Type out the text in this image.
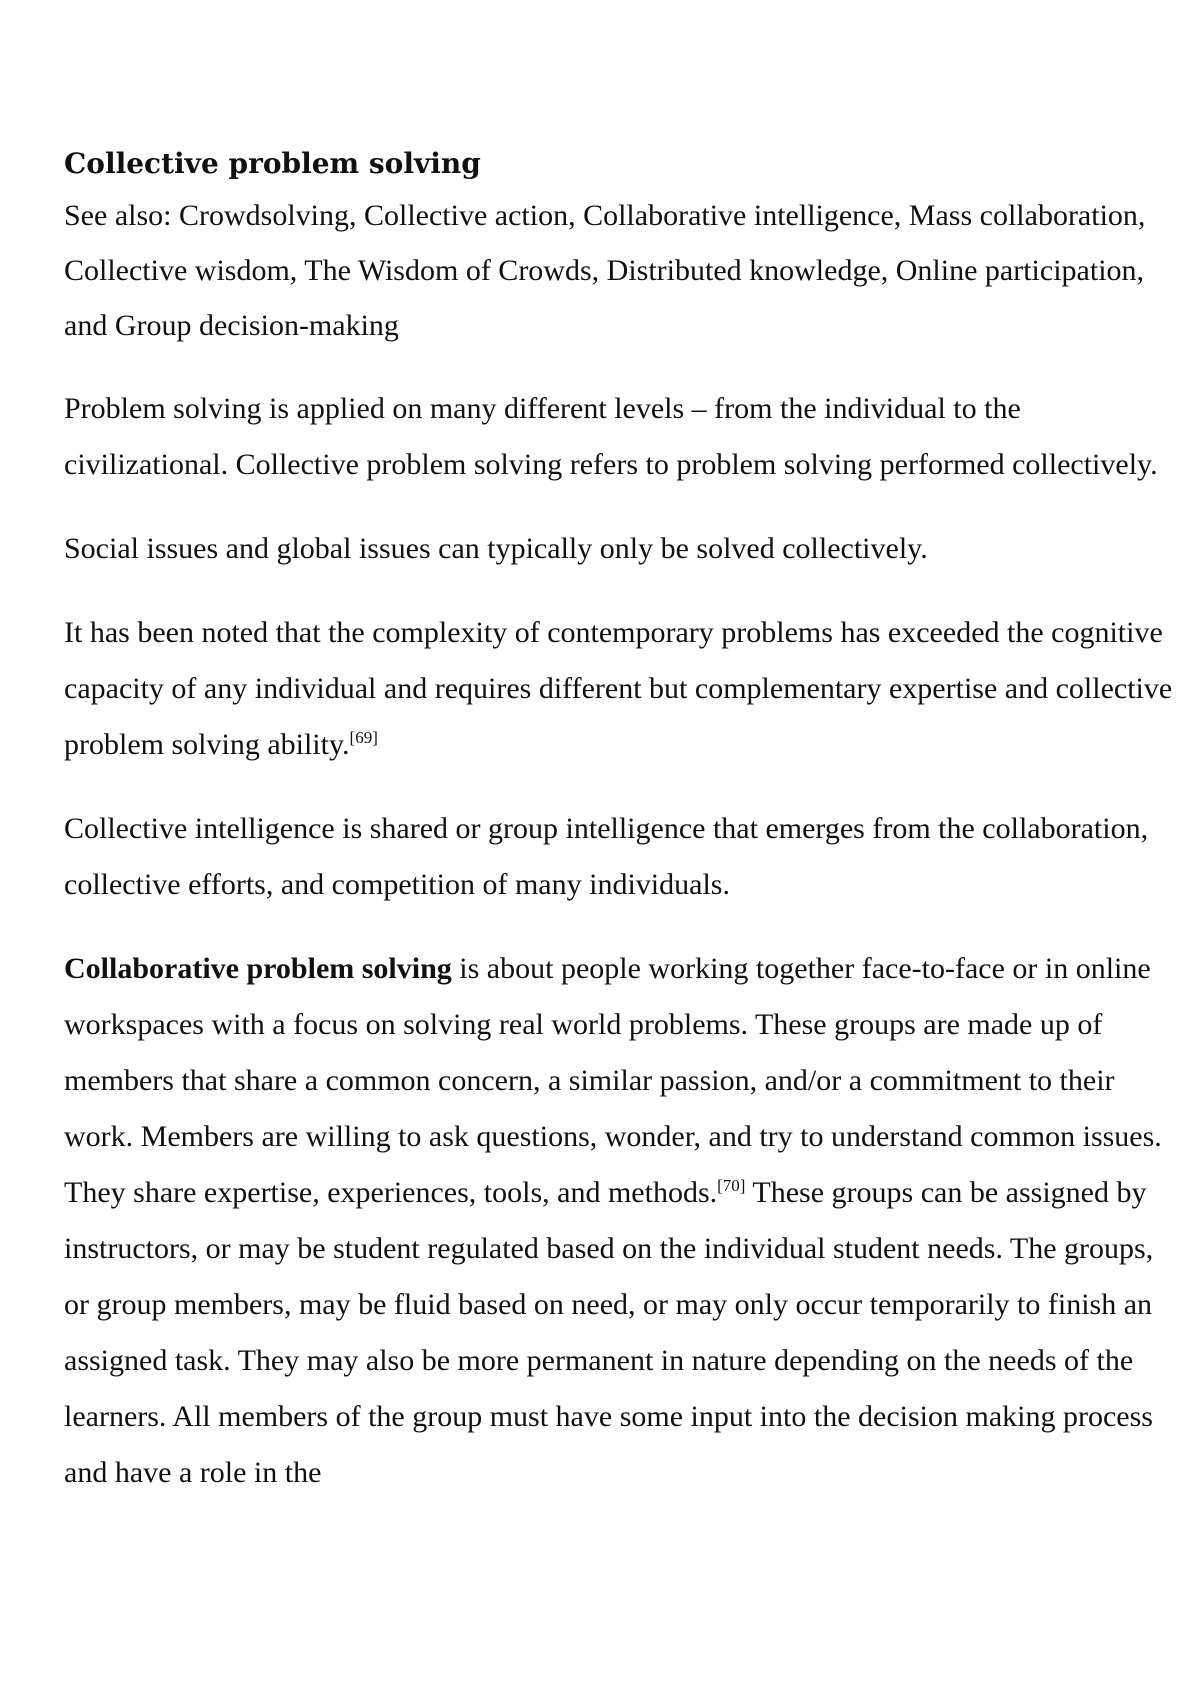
Collective problem solving

See also: Crowdsolving, Collective action, Collaborative intelligence, Mass collaboration, Collective wisdom, The Wisdom of Crowds, Distributed knowledge, Online participation, and Group decision-making

Problem solving is applied on many different levels – from the individual to the civilizational. Collective problem solving refers to problem solving performed collectively.

Social issues and global issues can typically only be solved collectively.

It has been noted that the complexity of contemporary problems has exceeded the cognitive capacity of any individual and requires different but complementary expertise and collective problem solving ability.[69]

Collective intelligence is shared or group intelligence that emerges from the collaboration, collective efforts, and competition of many individuals.

Collaborative problem solving is about people working together face-to-face or in online workspaces with a focus on solving real world problems. These groups are made up of members that share a common concern, a similar passion, and/or a commitment to their work. Members are willing to ask questions, wonder, and try to understand common issues. They share expertise, experiences, tools, and methods.[70] These groups can be assigned by instructors, or may be student regulated based on the individual student needs. The groups, or group members, may be fluid based on need, or may only occur temporarily to finish an assigned task. They may also be more permanent in nature depending on the needs of the learners. All members of the group must have some input into the decision making process and have a role in the
